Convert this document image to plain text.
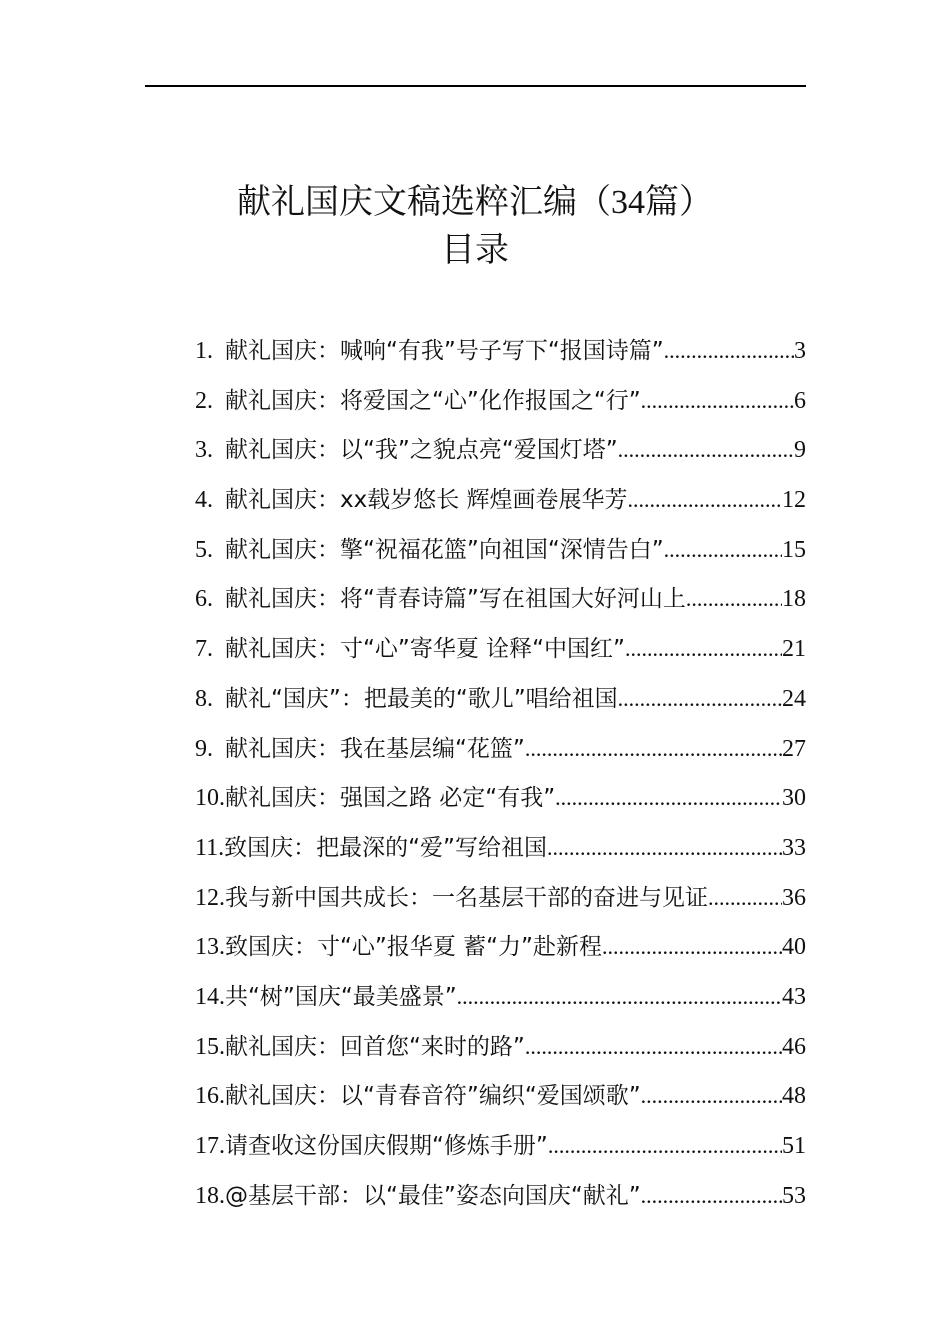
献礼国庆文稿选粹汇编（34篇）
目录
1. 献礼国庆：喊响“有我”号子写下“报国诗篇” .....	3
2. 献礼国庆：将爱国之“心”化作报国之“行” .....	6
3. 献礼国庆：以“我”之貌点亮“爱国灯塔” .....	9
4. 献礼国庆：xx载岁悠长 辉煌画卷展华芳 .....	12
5. 献礼国庆：擎“祝福花篮”向祖国“深情告白” .....	15
6. 献礼国庆：将“青春诗篇”写在祖国大好河山上 .....	18
7. 献礼国庆：寸“心”寄华夏 诠释“中国红” .....	21
8. 献礼“国庆”：把最美的“歌儿”唱给祖国 .....	24
9. 献礼国庆：我在基层编“花篮” .....	27
10. 献礼国庆：强国之路 必定“有我” .....	30
11. 致国庆：把最深的“爱”写给祖国 .....	33
12. 我与新中国共成长：一名基层干部的奋进与见证 .....	36
13. 致国庆：寸“心”报华夏 蓄“力”赴新程 .....	40
14. 共“树”国庆“最美盛景” .....	43
15. 献礼国庆：回首您“来时的路” .....	46
16. 献礼国庆：以“青春音符”编织“爱国颂歌” .....	48
17. 请查收这份国庆假期“修炼手册” .....	51
18. @基层干部：以“最佳”姿态向国庆“献礼” .....	53
